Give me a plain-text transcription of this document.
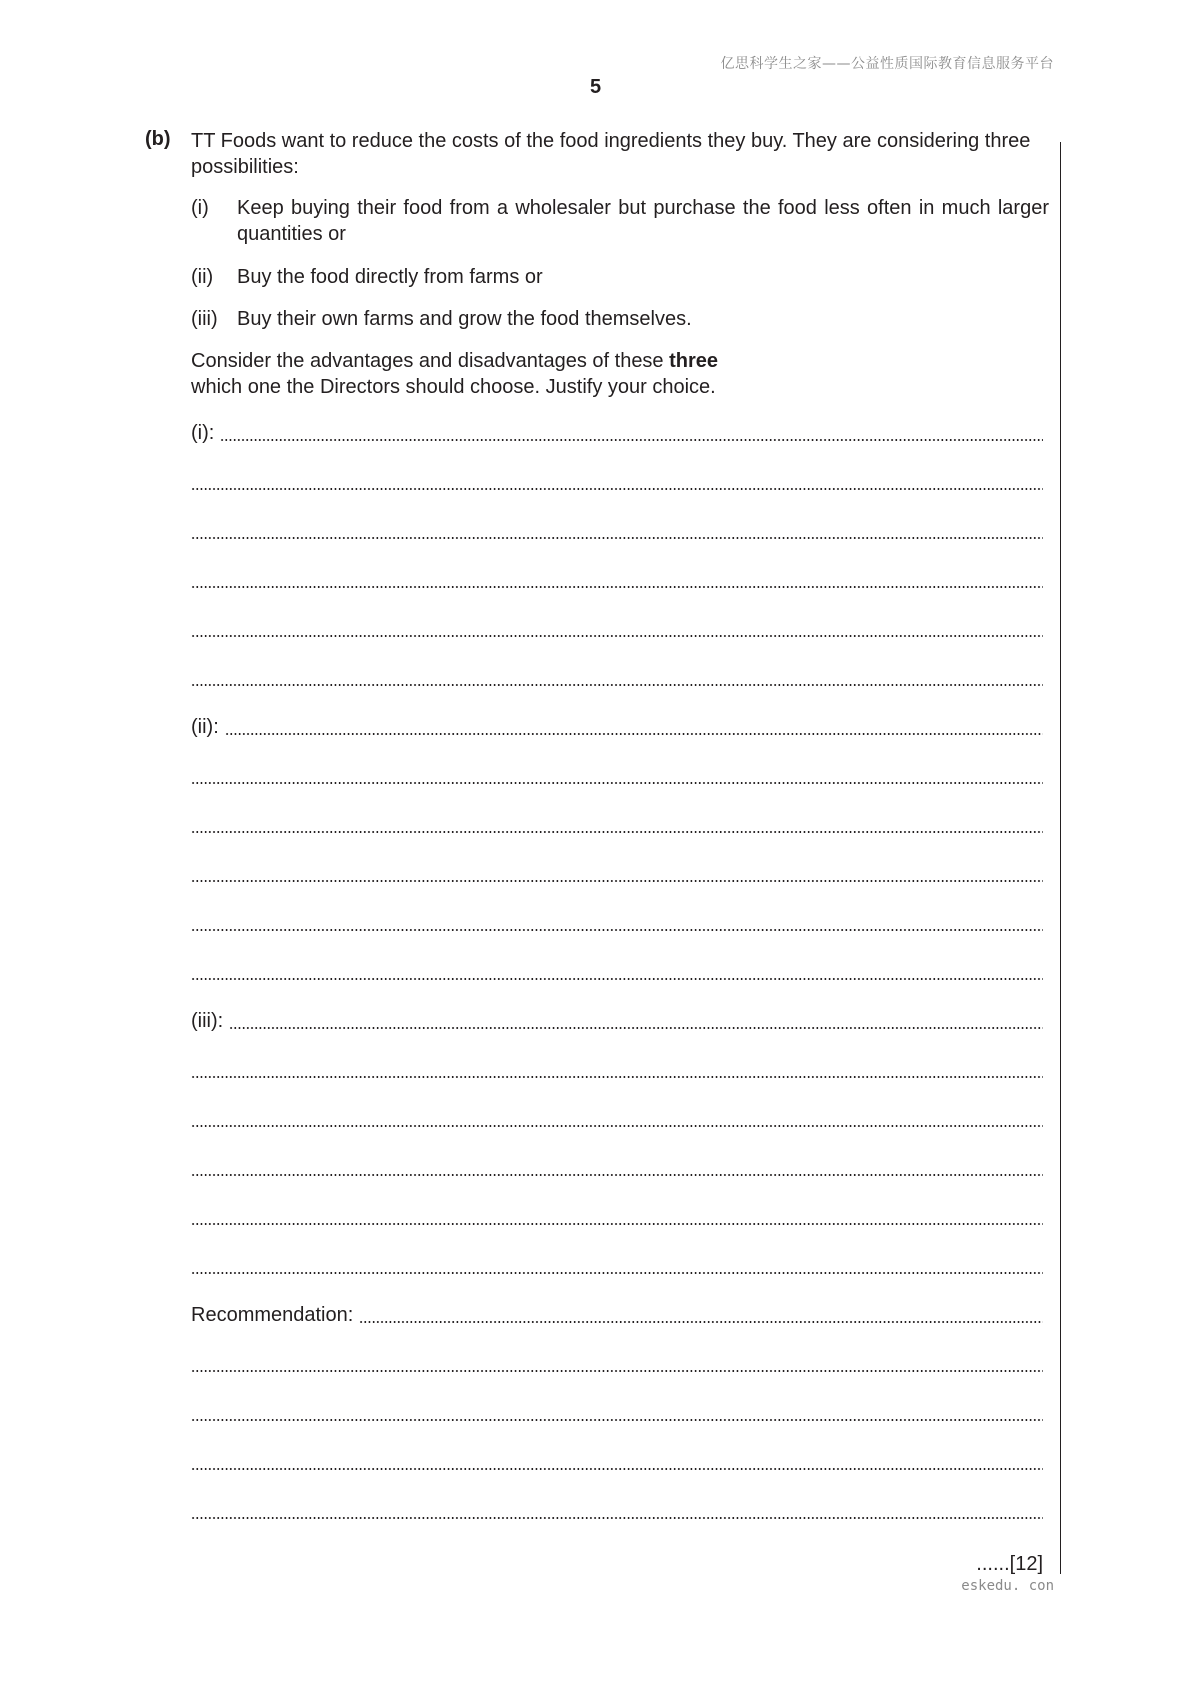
亿思科学生之家——公益性质国际教育信息服务平台
5
(b) TT Foods want to reduce the costs of the food ingredients they buy. They are considering three possibilities:
(i) Keep buying their food from a wholesaler but purchase the food less often in much larger quantities or
(ii) Buy the food directly from farms or
(iii) Buy their own farms and grow the food themselves.
Consider the advantages and disadvantages of these three
which one the Directors should choose. Justify your choice.
(i):
(ii):
(iii):
Recommendation:
......[12]
eskedu. con
